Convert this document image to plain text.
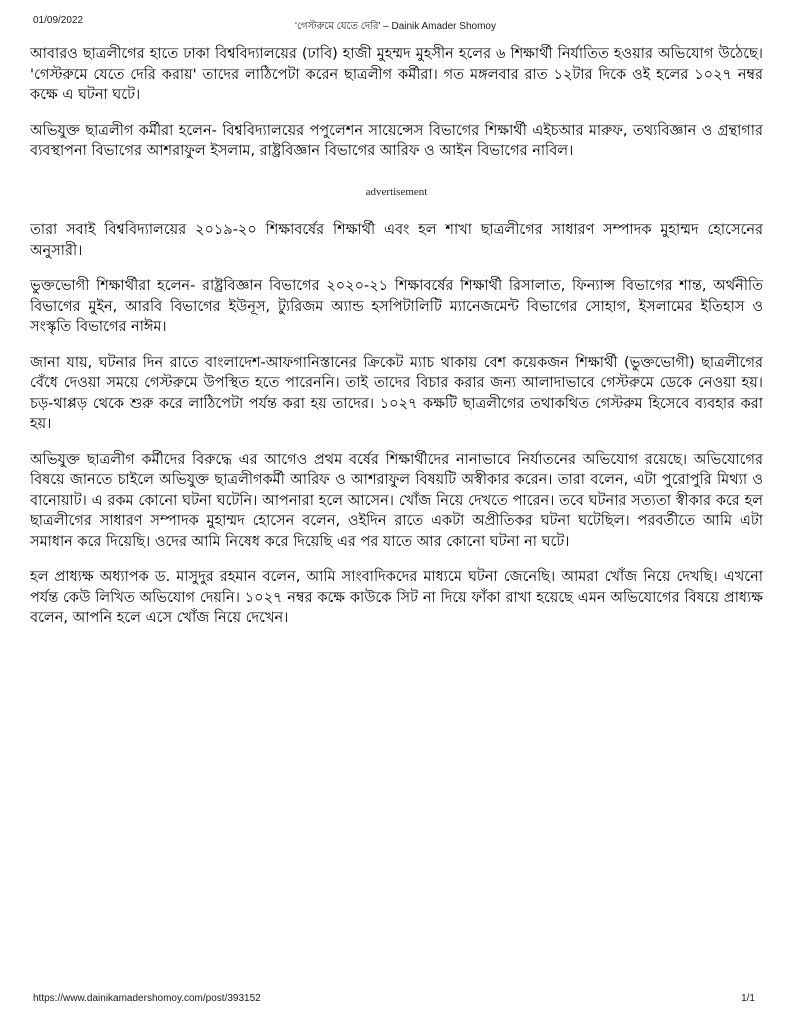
01/09/2022
'গেস্টরুমে যেতে দেরি' – Dainik Amader Shomoy

আবারও ছাত্রলীগের হাতে ঢাকা বিশ্ববিদ্যালয়ের (ঢাবি) হাজী মুহম্মদ মুহসীন হলের ৬ শিক্ষার্থী নির্যাতিত হওয়ার অভিযোগ উঠেছে। 'গেস্টরুমে যেতে দেরি করায়' তাদের লাঠিপেটা করেন ছাত্রলীগ কর্মীরা। গত মঙ্গলবার রাত ১২টার দিকে ওই হলের ১০২৭ নম্বর কক্ষে এ ঘটনা ঘটে।

অভিযুক্ত ছাত্রলীগ কর্মীরা হলেন- বিশ্ববিদ্যালয়ের পপুলেশন সায়েন্সেস বিভাগের শিক্ষার্থী এইচআর মারুফ, তথ্যবিজ্ঞান ও গ্রন্থাগার ব্যবস্থাপনা বিভাগের আশরাফুল ইসলাম, রাষ্ট্রবিজ্ঞান বিভাগের আরিফ ও আইন বিভাগের নাবিল।

advertisement

তারা সবাই বিশ্ববিদ্যালয়ের ২০১৯-২০ শিক্ষাবর্ষের শিক্ষার্থী এবং হল শাখা ছাত্রলীগের সাধারণ সম্পাদক মুহাম্মদ হোসেনের অনুসারী।

ভুক্তভোগী শিক্ষার্থীরা হলেন- রাষ্ট্রবিজ্ঞান বিভাগের ২০২০-২১ শিক্ষাবর্ষের শিক্ষার্থী রিসালাত, ফিন্যান্স বিভাগের শান্ত, অর্থনীতি বিভাগের মুইন, আরবি বিভাগের ইউনূস, ট্যুরিজম অ্যান্ড হসপিটালিটি ম্যানেজমেন্ট বিভাগের সোহাগ, ইসলামের ইতিহাস ও সংস্কৃতি বিভাগের নাঈম।

জানা যায়, ঘটনার দিন রাতে বাংলাদেশ-আফগানিস্তানের ক্রিকেট ম্যাচ থাকায় বেশ কয়েকজন শিক্ষার্থী (ভুক্তভোগী) ছাত্রলীগের বেঁধে দেওয়া সময়ে গেস্টরুমে উপস্থিত হতে পারেননি। তাই তাদের বিচার করার জন্য আলাদাভাবে গেস্টরুমে ডেকে নেওয়া হয়। চড়-থাপ্পড় থেকে শুরু করে লাঠিপেটা পর্যন্ত করা হয় তাদের। ১০২৭ কক্ষটি ছাত্রলীগের তথাকথিত গেস্টরুম হিসেবে ব্যবহার করা হয়।

অভিযুক্ত ছাত্রলীগ কর্মীদের বিরুদ্ধে এর আগেও প্রথম বর্ষের শিক্ষার্থীদের নানাভাবে নির্যাতনের অভিযোগ রয়েছে। অভিযোগের বিষয়ে জানতে চাইলে অভিযুক্ত ছাত্রলীগকর্মী আরিফ ও আশরাফুল বিষয়টি অস্বীকার করেন। তারা বলেন, এটা পুরোপুরি মিথ্যা ও বানোয়াট। এ রকম কোনো ঘটনা ঘটেনি। আপনারা হলে আসেন। খোঁজ নিয়ে দেখতে পারেন। তবে ঘটনার সত্যতা স্বীকার করে হল ছাত্রলীগের সাধারণ সম্পাদক মুহাম্মদ হোসেন বলেন, ওইদিন রাতে একটা অপ্রীতিকর ঘটনা ঘটেছিল। পরবর্তীতে আমি এটা সমাধান করে দিয়েছি। ওদের আমি নিষেধ করে দিয়েছি এর পর যাতে আর কোনো ঘটনা না ঘটে।

হল প্রাধ্যক্ষ অধ্যাপক ড. মাসুদুর রহমান বলেন, আমি সাংবাদিকদের মাধ্যমে ঘটনা জেনেছি। আমরা খোঁজ নিয়ে দেখছি। এখনো পর্যন্ত কেউ লিখিত অভিযোগ দেয়নি। ১০২৭ নম্বর কক্ষে কাউকে সিট না দিয়ে ফাঁকা রাখা হয়েছে এমন অভিযোগের বিষয়ে প্রাধ্যক্ষ বলেন, আপনি হলে এসে খোঁজ নিয়ে দেখেন।

https://www.dainikamadershomoy.com/post/393152	1/1
